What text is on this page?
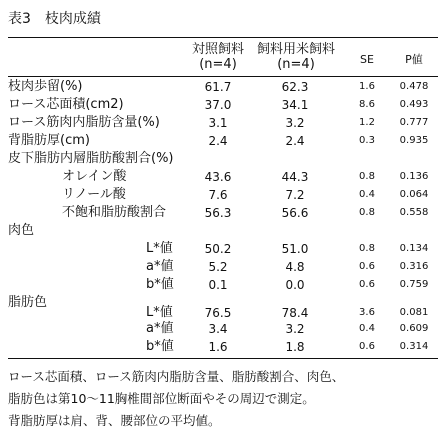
表3　枝肉成績
対照飼料
(n=4)
飼料用米飼料
(n=4)	SE	P値
枝肉歩留(%)	61.7	62.3	1.6	0.478
ロース芯面積(cm2)	37.0	34.1	8.6	0.493
ロース筋肉内脂肪含量(%)	3.1	3.2	1.2	0.777
背脂肪厚(cm)	2.4	2.4	0.3	0.935
皮下脂肪内層脂肪酸割合(%)
オレイン酸	43.6	44.3	0.8	0.136
リノール酸	7.6	7.2	0.4	0.064
不飽和脂肪酸割合	56.3	56.6	0.8	0.558
肉色
L*値	50.2	51.0	0.8	0.134
a*値	5.2	4.8	0.6	0.316
b*値	0.1	0.0	0.6	0.759
脂肪色
L*値	76.5	78.4	3.6	0.081
a*値	3.4	3.2	0.4	0.609
b*値	1.6	1.8	0.6	0.314
ロース芯面積、ロース筋肉内脂肪含量、脂肪酸割合、肉色、
脂肪色は第10～11胸椎間部位断面やその周辺で測定。
背脂肪厚は肩、背、腰部位の平均値。
